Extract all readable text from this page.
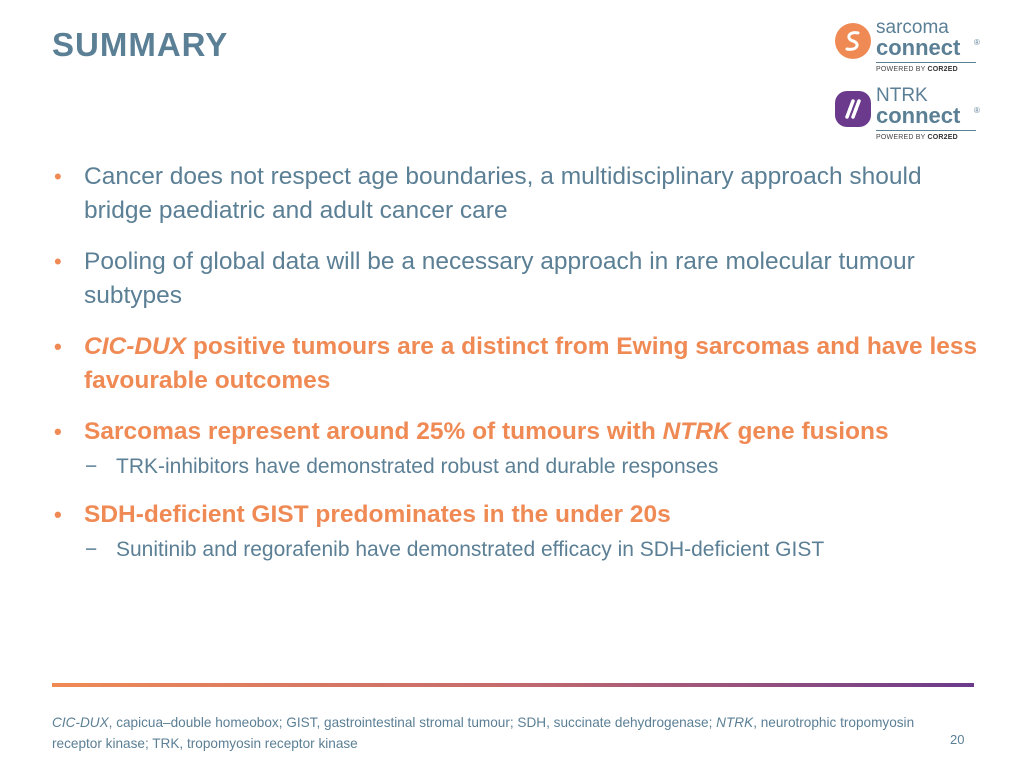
SUMMARY	sarcoma
connect ®
POWERED BY COR2ED
NTRK
connect ®
POWERED BY COR2ED
• Cancer does not respect age boundaries, a multidisciplinary approach should bridge paediatric and adult cancer care
• Pooling of global data will be a necessary approach in rare molecular tumour subtypes
• CIC-DUX positive tumours are a distinct from Ewing sarcomas and have less favourable outcomes
• Sarcomas represent around 25% of tumours with NTRK gene fusions
− TRK-inhibitors have demonstrated robust and durable responses
• SDH-deficient GIST predominates in the under 20s
− Sunitinib and regorafenib have demonstrated efficacy in SDH-deficient GIST
CIC-DUX, capicua–double homeobox; GIST, gastrointestinal stromal tumour; SDH, succinate dehydrogenase; NTRK, neurotrophic tropomyosin receptor kinase; TRK, tropomyosin receptor kinase	20
